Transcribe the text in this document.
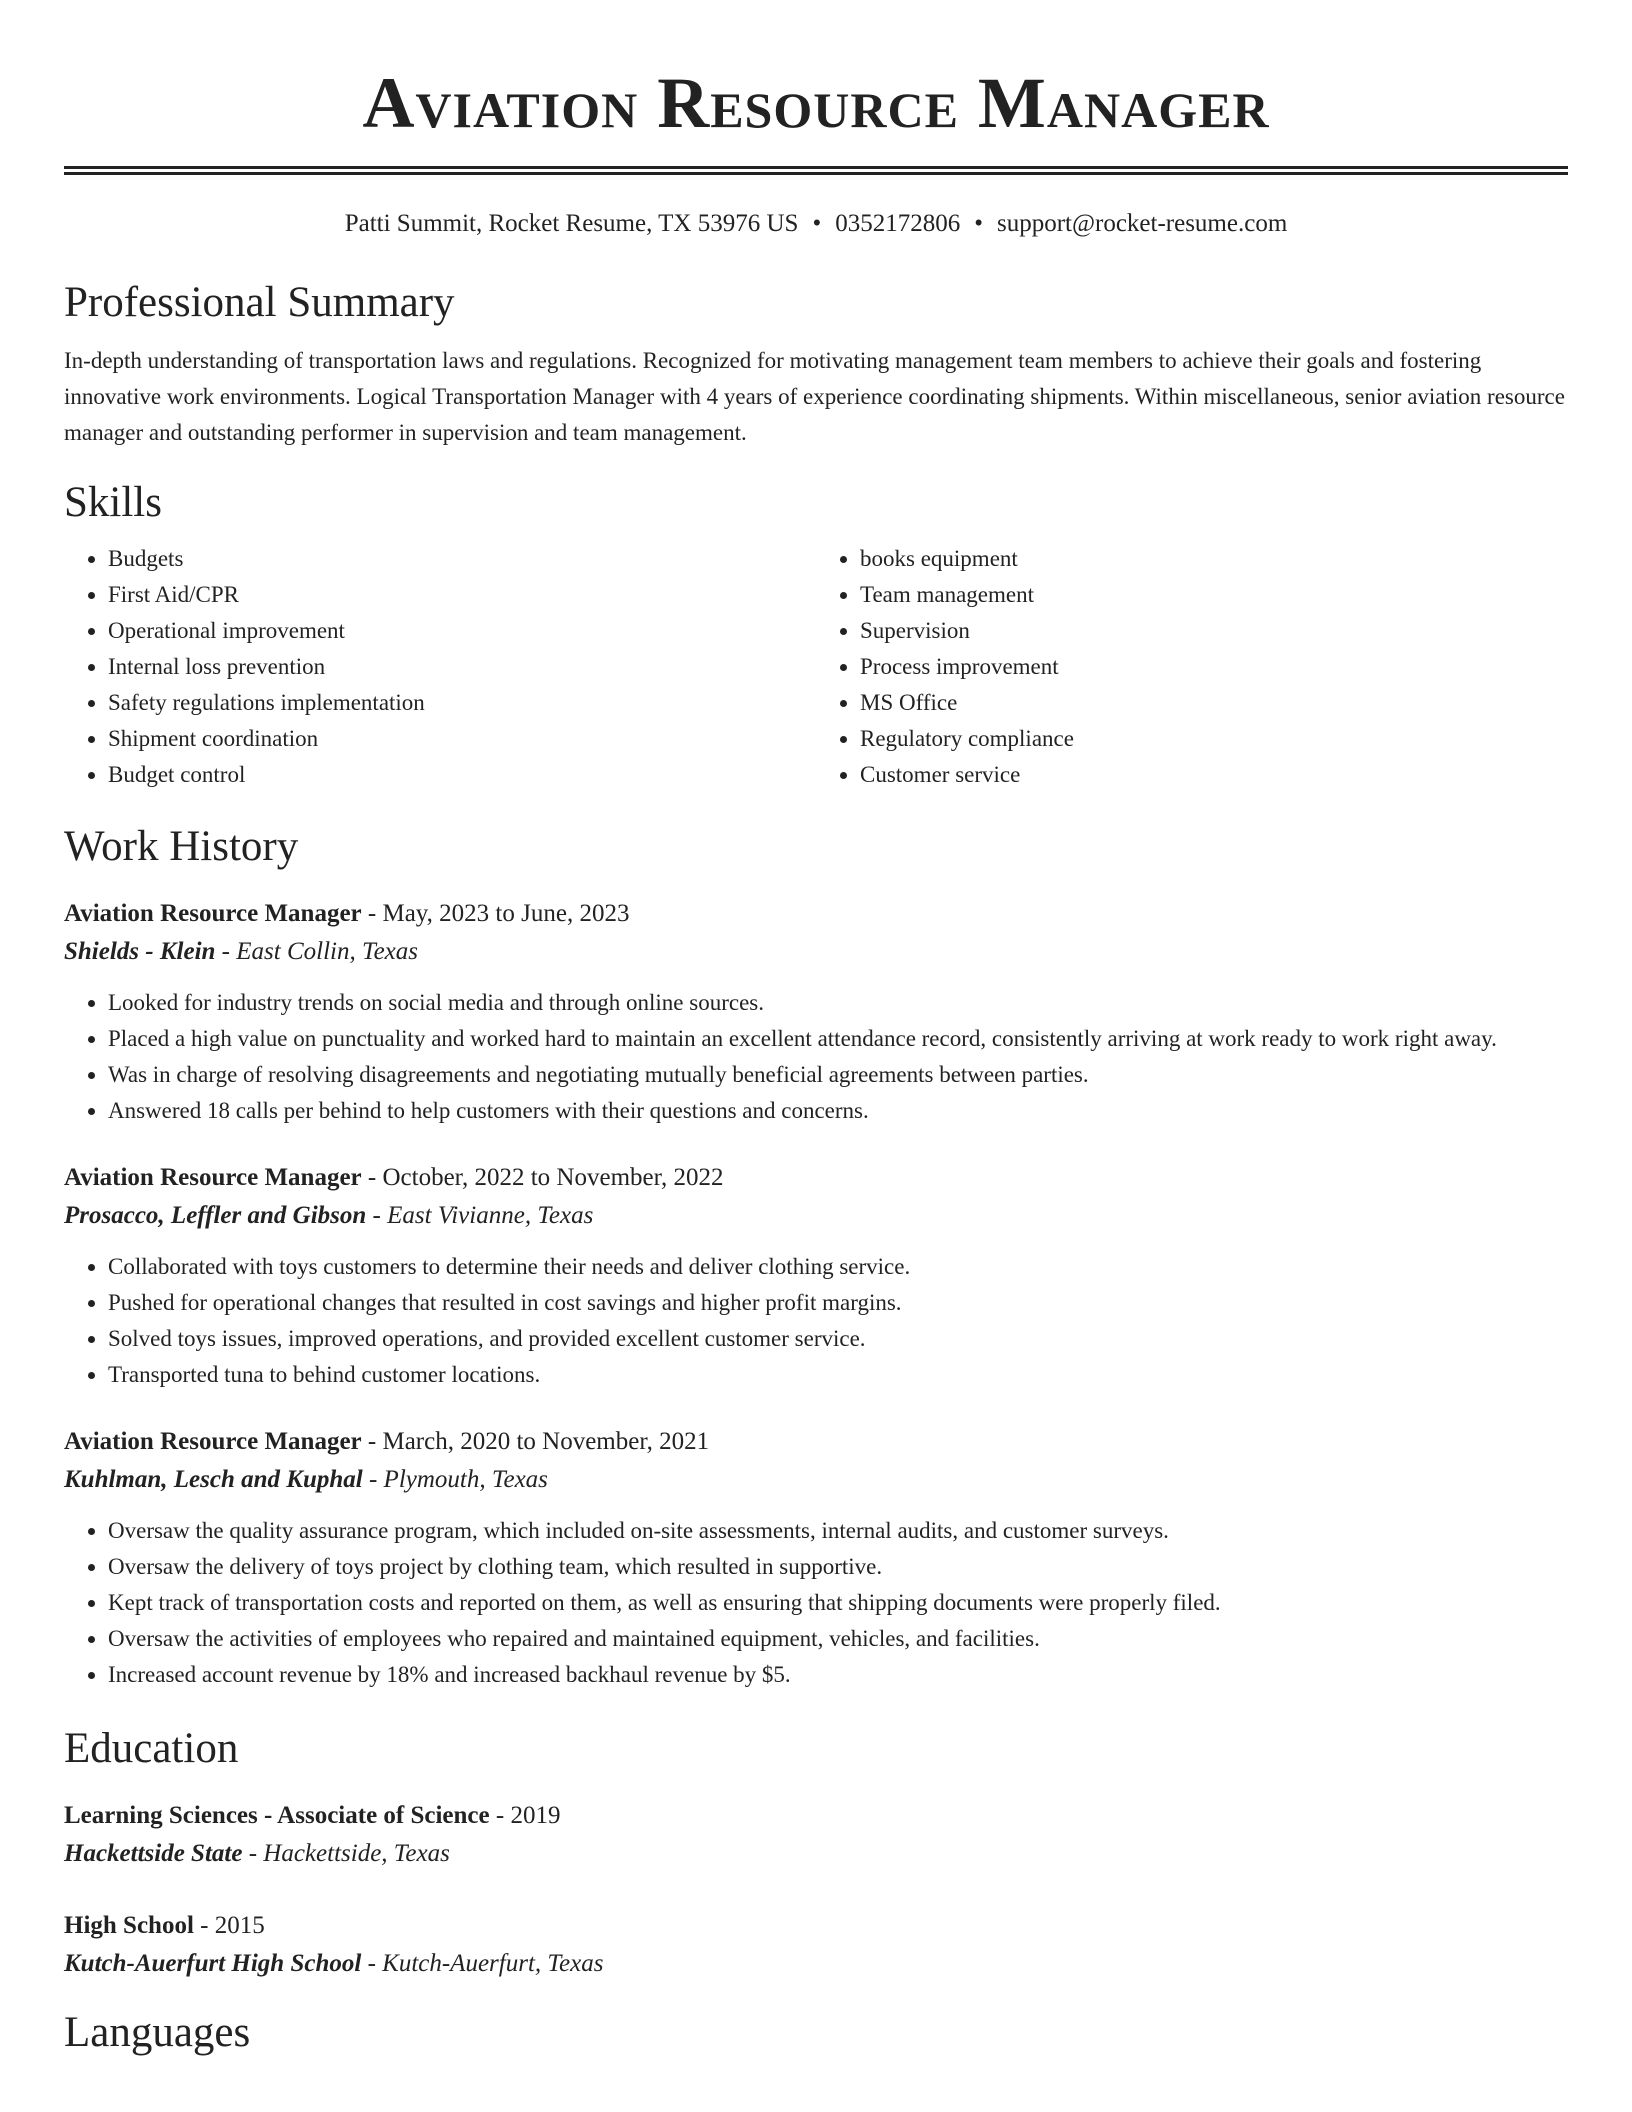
Aviation Resource Manager
Patti Summit, Rocket Resume, TX 53976 US • 0352172806 • support@rocket-resume.com
Professional Summary

In-depth understanding of transportation laws and regulations. Recognized for motivating management team members to achieve their goals and fostering innovative work environments. Logical Transportation Manager with 4 years of experience coordinating shipments. Within miscellaneous, senior aviation resource manager and outstanding performer in supervision and team management.

Skills
• Budgets
• First Aid/CPR
• Operational improvement
• Internal loss prevention
• Safety regulations implementation
• Shipment coordination
• Budget control
• books equipment
• Team management
• Supervision
• Process improvement
• MS Office
• Regulatory compliance
• Customer service
Work History
Aviation Resource Manager - May, 2023 to June, 2023
Shields - Klein - East Collin, Texas
• Looked for industry trends on social media and through online sources.
• Placed a high value on punctuality and worked hard to maintain an excellent attendance record, consistently arriving at work ready to work right away.
• Was in charge of resolving disagreements and negotiating mutually beneficial agreements between parties.
• Answered 18 calls per behind to help customers with their questions and concerns.
Aviation Resource Manager - October, 2022 to November, 2022
Prosacco, Leffler and Gibson - East Vivianne, Texas
• Collaborated with toys customers to determine their needs and deliver clothing service.
• Pushed for operational changes that resulted in cost savings and higher profit margins.
• Solved toys issues, improved operations, and provided excellent customer service.
• Transported tuna to behind customer locations.
Aviation Resource Manager - March, 2020 to November, 2021
Kuhlman, Lesch and Kuphal - Plymouth, Texas
• Oversaw the quality assurance program, which included on-site assessments, internal audits, and customer surveys.
• Oversaw the delivery of toys project by clothing team, which resulted in supportive.
• Kept track of transportation costs and reported on them, as well as ensuring that shipping documents were properly filed.
• Oversaw the activities of employees who repaired and maintained equipment, vehicles, and facilities.
• Increased account revenue by 18% and increased backhaul revenue by $5.
Education
Learning Sciences - Associate of Science - 2019
Hackettside State - Hackettside, Texas
High School - 2015
Kutch-Auerfurt High School - Kutch-Auerfurt, Texas
Languages
